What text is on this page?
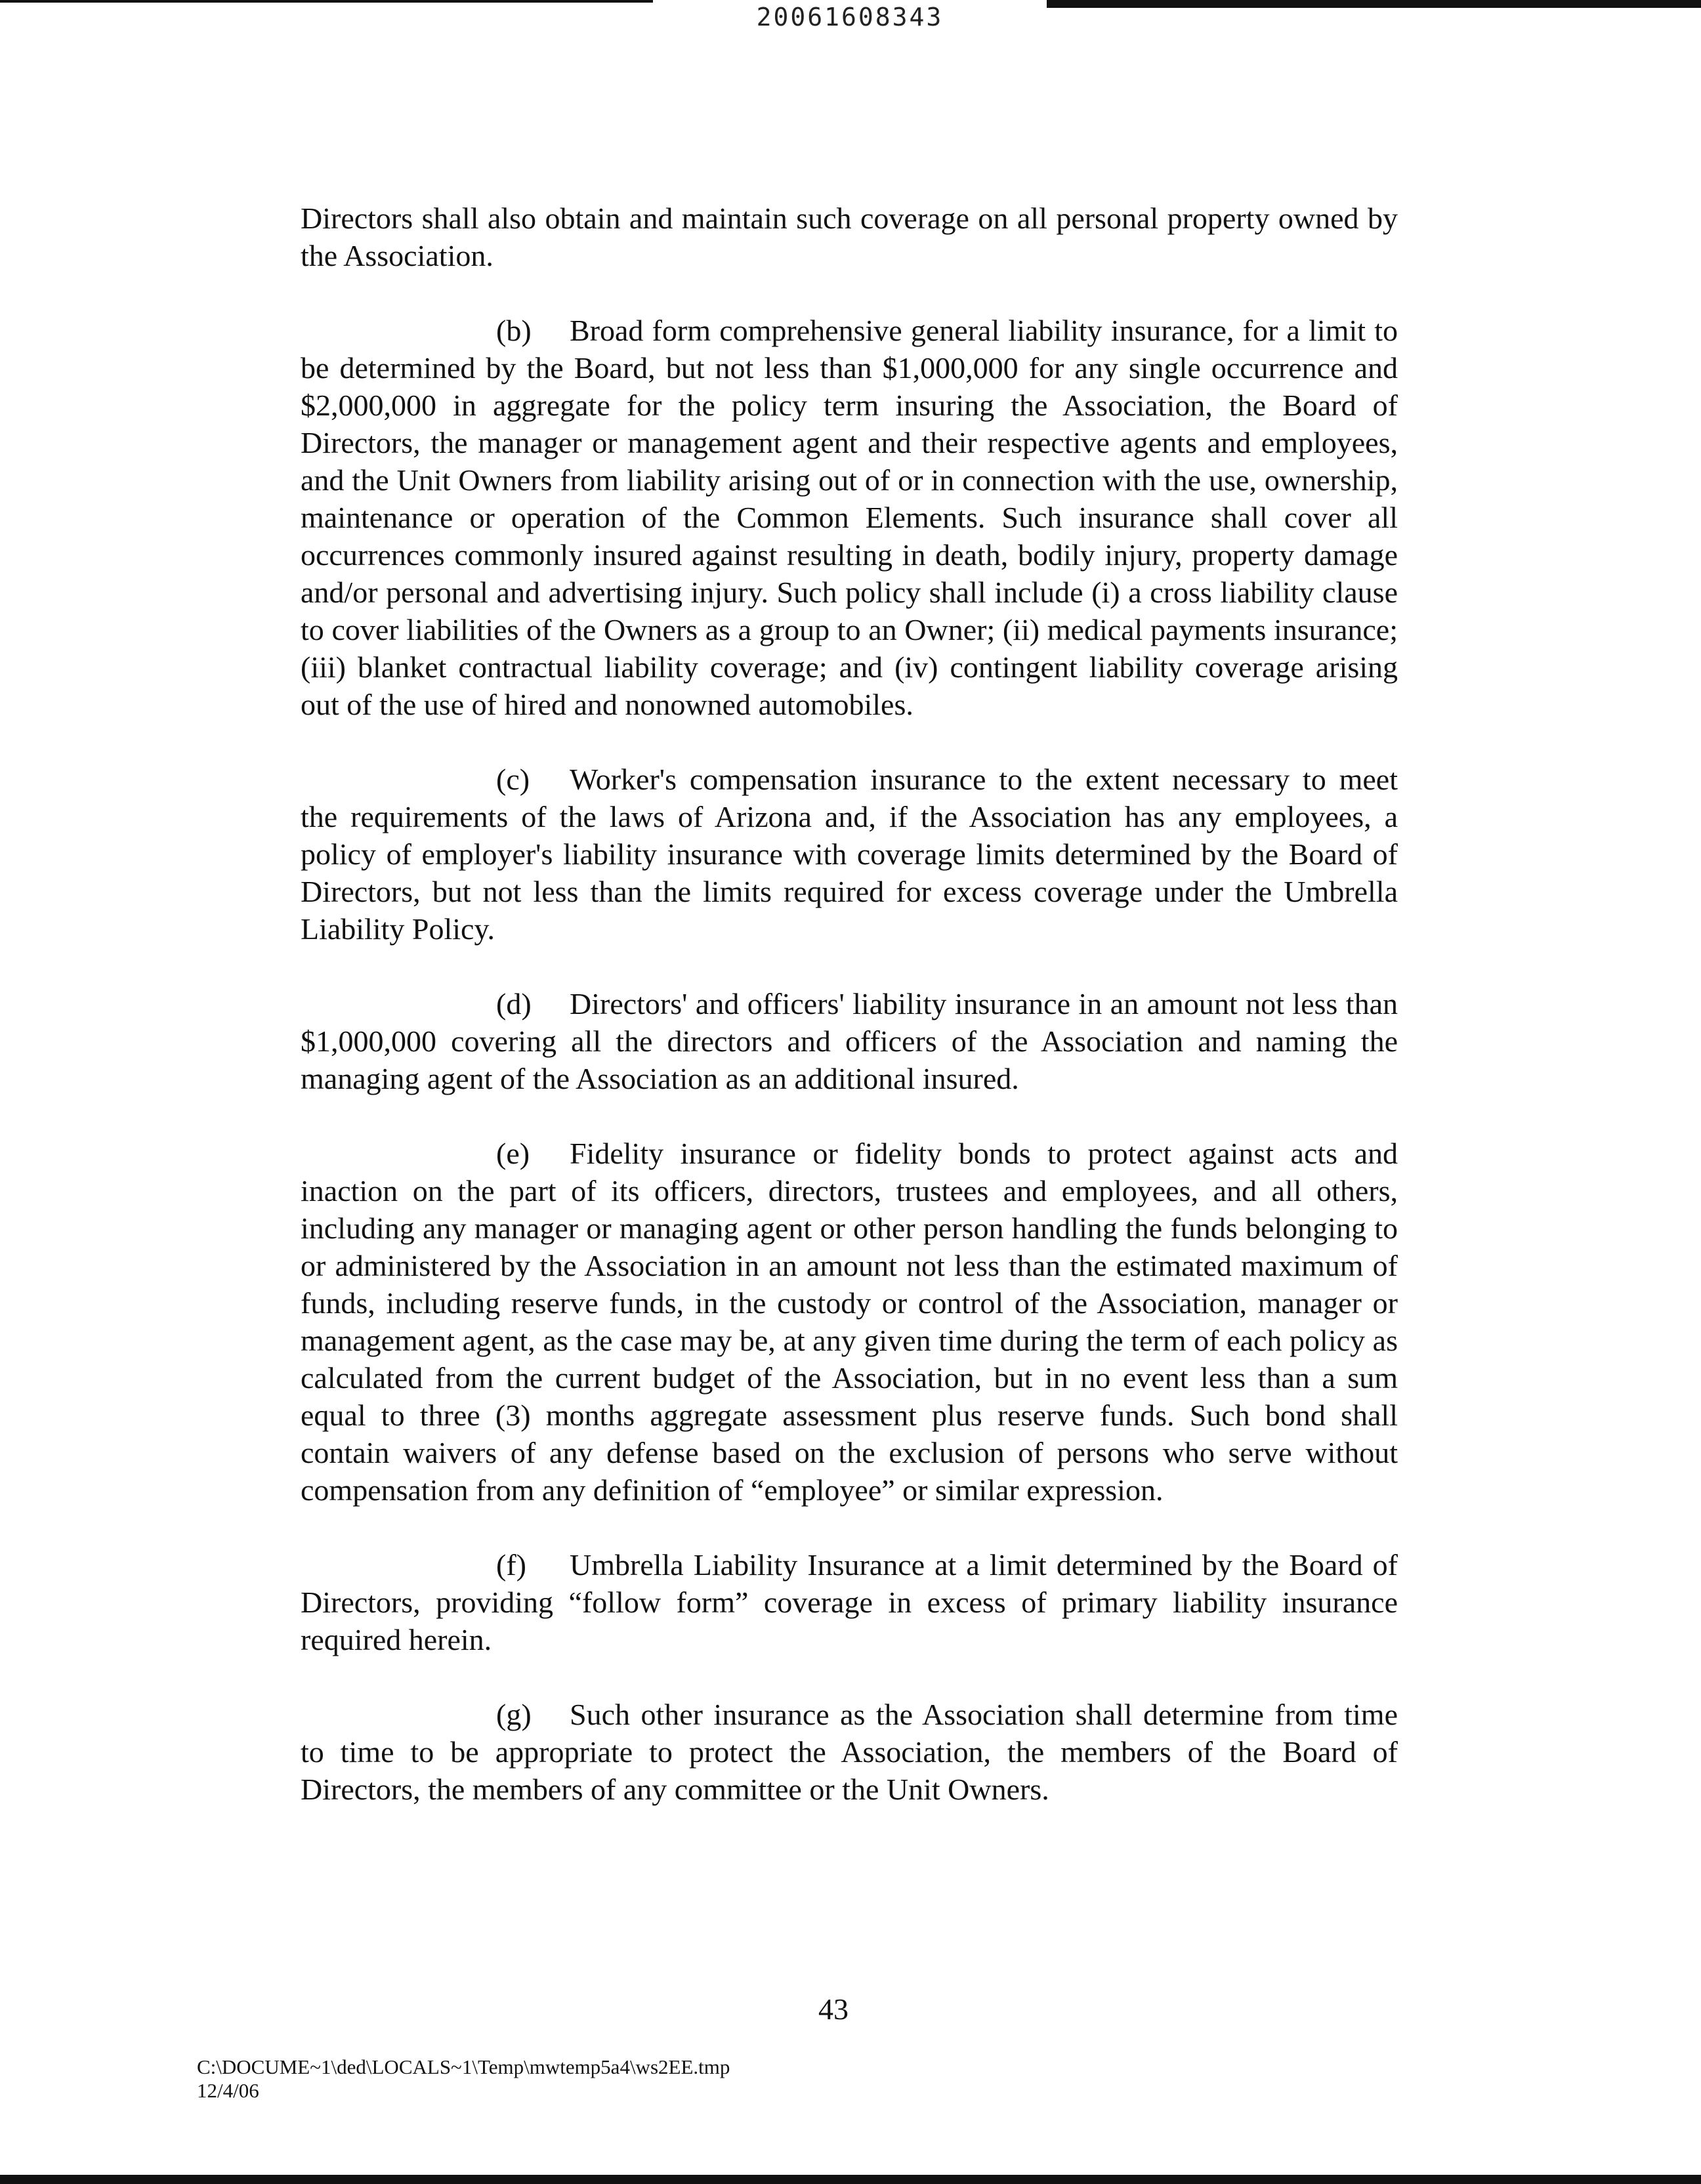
20061608343

Directors shall also obtain and maintain such coverage on all personal property owned by the Association.

(b) Broad form comprehensive general liability insurance, for a limit to be determined by the Board, but not less than $1,000,000 for any single occurrence and $2,000,000 in aggregate for the policy term insuring the Association, the Board of Directors, the manager or management agent and their respective agents and employees, and the Unit Owners from liability arising out of or in connection with the use, ownership, maintenance or operation of the Common Elements. Such insurance shall cover all occurrences commonly insured against resulting in death, bodily injury, property damage and/or personal and advertising injury. Such policy shall include (i) a cross liability clause to cover liabilities of the Owners as a group to an Owner; (ii) medical payments insurance; (iii) blanket contractual liability coverage; and (iv) contingent liability coverage arising out of the use of hired and nonowned automobiles.

(c) Worker's compensation insurance to the extent necessary to meet the requirements of the laws of Arizona and, if the Association has any employees, a policy of employer's liability insurance with coverage limits determined by the Board of Directors, but not less than the limits required for excess coverage under the Umbrella Liability Policy.

(d) Directors' and officers' liability insurance in an amount not less than $1,000,000 covering all the directors and officers of the Association and naming the managing agent of the Association as an additional insured.

(e) Fidelity insurance or fidelity bonds to protect against acts and inaction on the part of its officers, directors, trustees and employees, and all others, including any manager or managing agent or other person handling the funds belonging to or administered by the Association in an amount not less than the estimated maximum of funds, including reserve funds, in the custody or control of the Association, manager or management agent, as the case may be, at any given time during the term of each policy as calculated from the current budget of the Association, but in no event less than a sum equal to three (3) months aggregate assessment plus reserve funds. Such bond shall contain waivers of any defense based on the exclusion of persons who serve without compensation from any definition of “employee” or similar expression.

(f) Umbrella Liability Insurance at a limit determined by the Board of Directors, providing “follow form” coverage in excess of primary liability insurance required herein.

(g) Such other insurance as the Association shall determine from time to time to be appropriate to protect the Association, the members of the Board of Directors, the members of any committee or the Unit Owners.

43
C:\DOCUME~1\ded\LOCALS~1\Temp\mwtemp5a4\ws2EE.tmp
12/4/06
